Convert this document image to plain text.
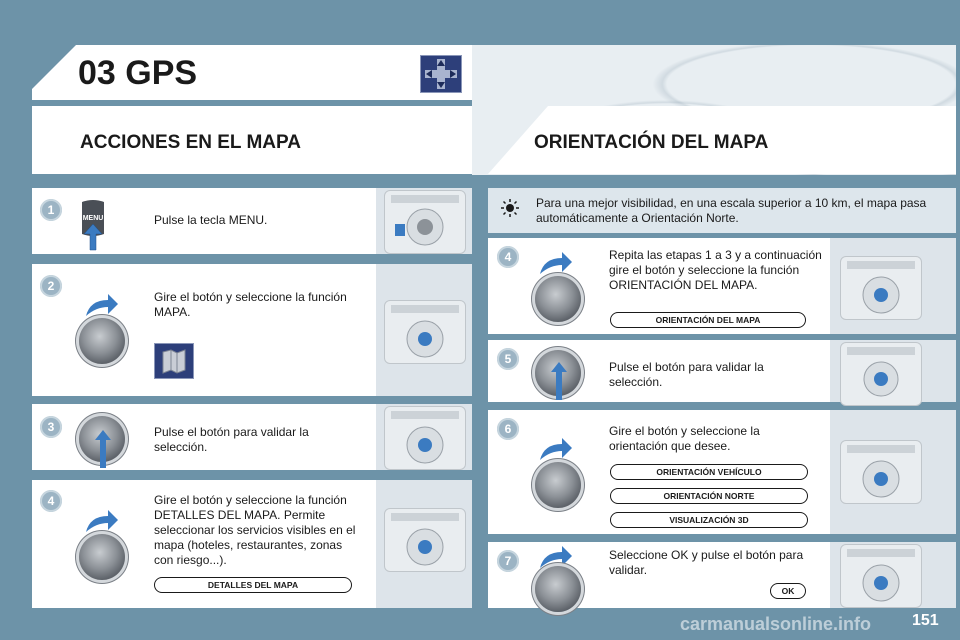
03 GPS
ACCIONES EN EL MAPA	ORIENTACIÓN DEL MAPA
1
MENU	Pulse la tecla MENU.
2
Gire el botón y seleccione la función MAPA.
3	Pulse el botón para validar la selección.
4	Gire el botón y seleccione la función DETALLES DEL MAPA. Permite seleccionar los servicios visibles en el mapa (hoteles, restaurantes, zonas con riesgo...).
DETALLES DEL MAPA
Para una mejor visibilidad, en una escala superior a 10 km, el mapa pasa automáticamente a Orientación Norte.
4	Repita las etapas 1 a 3 y a continuación gire el botón y seleccione la función ORIENTACIÓN DEL MAPA.
ORIENTACIÓN DEL MAPA
5
Pulse el botón para validar la selección.
6	Gire el botón y seleccione la orientación que desee.
ORIENTACIÓN VEHÍCULO
ORIENTACIÓN NORTE
VISUALIZACIÓN 3D
7	Seleccione OK y pulse el botón para validar.
OK
carmanualsonline.info	151
